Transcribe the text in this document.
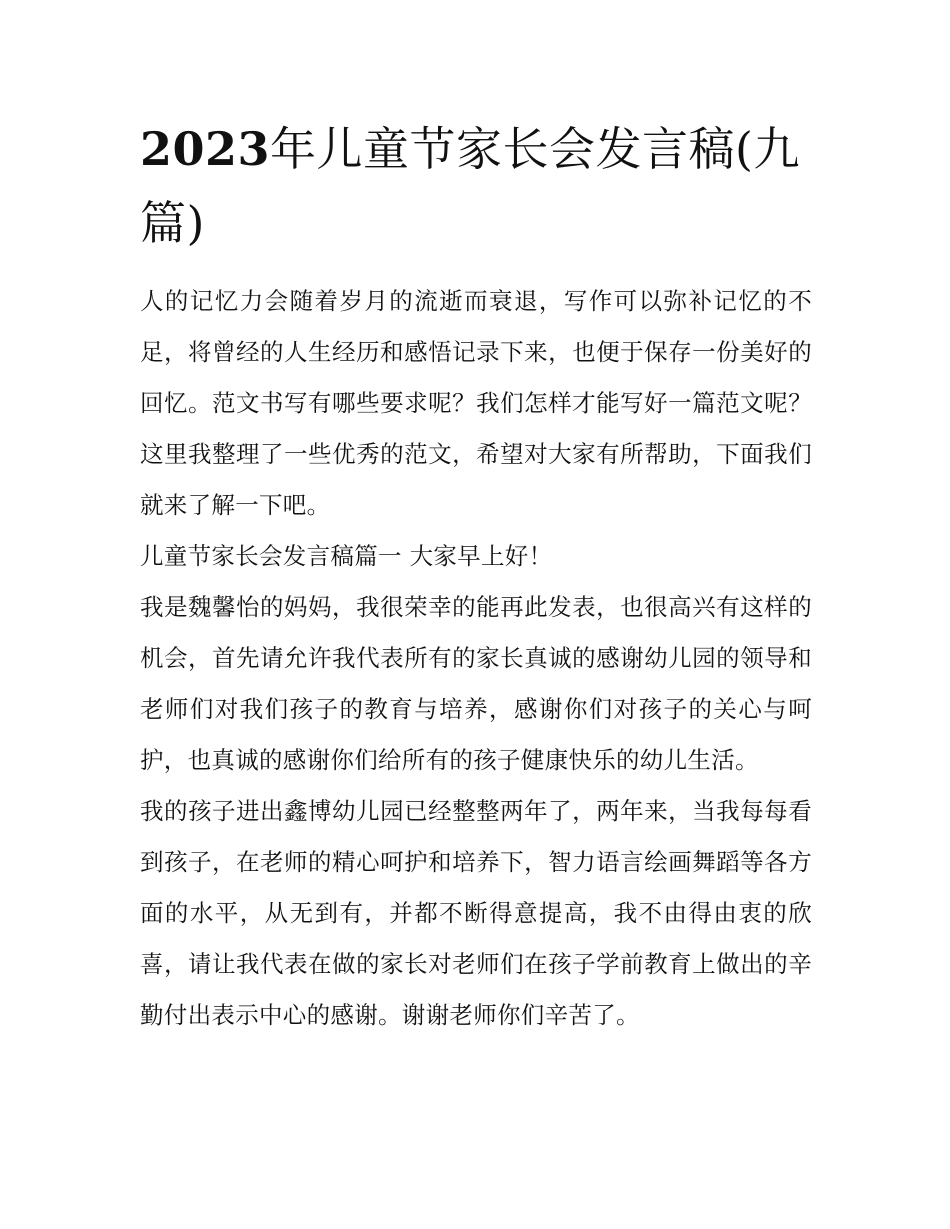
2023年儿童节家长会发言稿(九篇)

人的记忆力会随着岁月的流逝而衰退，写作可以弥补记忆的不足，将曾经的人生经历和感悟记录下来，也便于保存一份美好的回忆。范文书写有哪些要求呢？我们怎样才能写好一篇范文呢？这里我整理了一些优秀的范文，希望对大家有所帮助，下面我们就来了解一下吧。

儿童节家长会发言稿篇一 大家早上好！

我是魏馨怡的妈妈，我很荣幸的能再此发表，也很高兴有这样的机会，首先请允许我代表所有的家长真诚的感谢幼儿园的领导和老师们对我们孩子的教育与培养，感谢你们对孩子的关心与呵护，也真诚的感谢你们给所有的孩子健康快乐的幼儿生活。

我的孩子进出鑫博幼儿园已经整整两年了，两年来，当我每每看到孩子，在老师的精心呵护和培养下，智力语言绘画舞蹈等各方面的水平，从无到有，并都不断得意提高，我不由得由衷的欣喜，请让我代表在做的家长对老师们在孩子学前教育上做出的辛勤付出表示中心的感谢。谢谢老师你们辛苦了。
